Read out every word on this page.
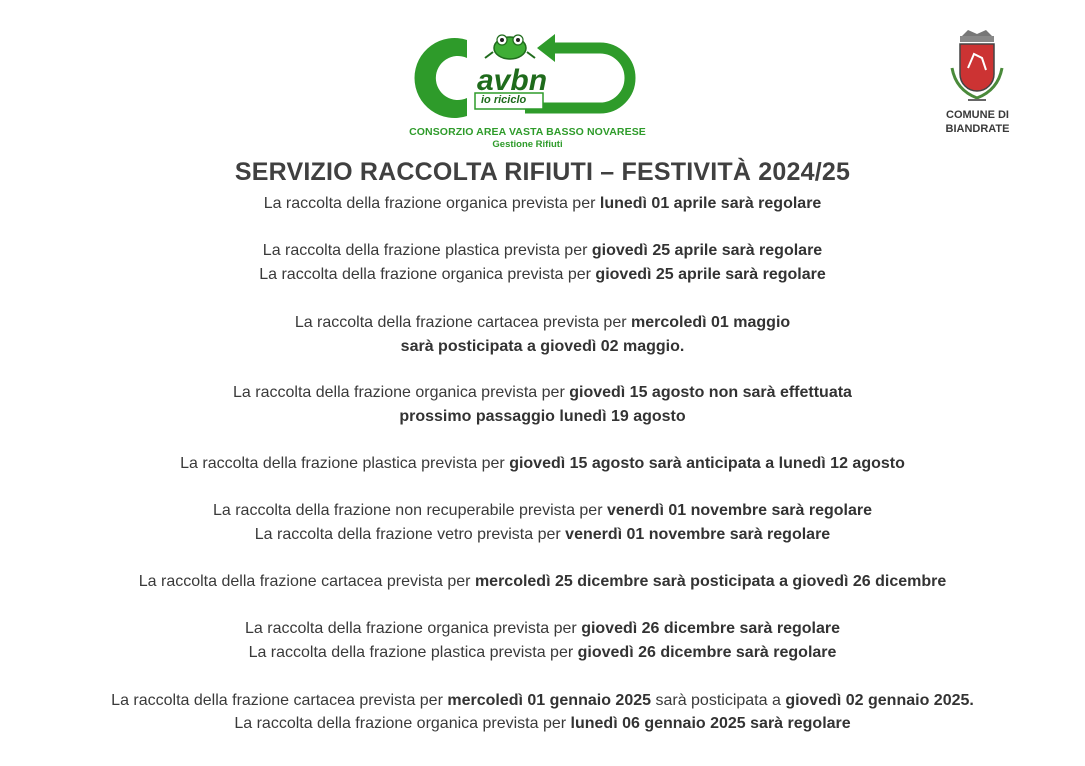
avbn
io riciclo
CONSORZIO AREA VASTA BASSO NOVARESE
Gestione Rifiuti
COMUNE DI
BIANDRATE
SERVIZIO RACCOLTA RIFIUTI – FESTIVITÀ 2024/25
La raccolta della frazione organica prevista per lunedì 01 aprile sarà regolare
La raccolta della frazione plastica prevista per giovedì 25 aprile sarà regolare
La raccolta della frazione organica prevista per giovedì 25 aprile sarà regolare
La raccolta della frazione cartacea prevista per mercoledì 01 maggio
sarà posticipata a giovedì 02 maggio.
La raccolta della frazione organica prevista per giovedì 15 agosto non sarà effettuata
prossimo passaggio lunedì 19 agosto
La raccolta della frazione plastica prevista per giovedì 15 agosto sarà anticipata a lunedì 12 agosto
La raccolta della frazione non recuperabile prevista per venerdì 01 novembre sarà regolare
La raccolta della frazione vetro prevista per venerdì 01 novembre sarà regolare
La raccolta della frazione cartacea prevista per mercoledì 25 dicembre sarà posticipata a giovedì 26 dicembre
La raccolta della frazione organica prevista per giovedì 26 dicembre sarà regolare
La raccolta della frazione plastica prevista per giovedì 26 dicembre sarà regolare
La raccolta della frazione cartacea prevista per mercoledì 01 gennaio 2025 sarà posticipata a giovedì 02 gennaio 2025.
La raccolta della frazione organica prevista per lunedì 06 gennaio 2025 sarà regolare
